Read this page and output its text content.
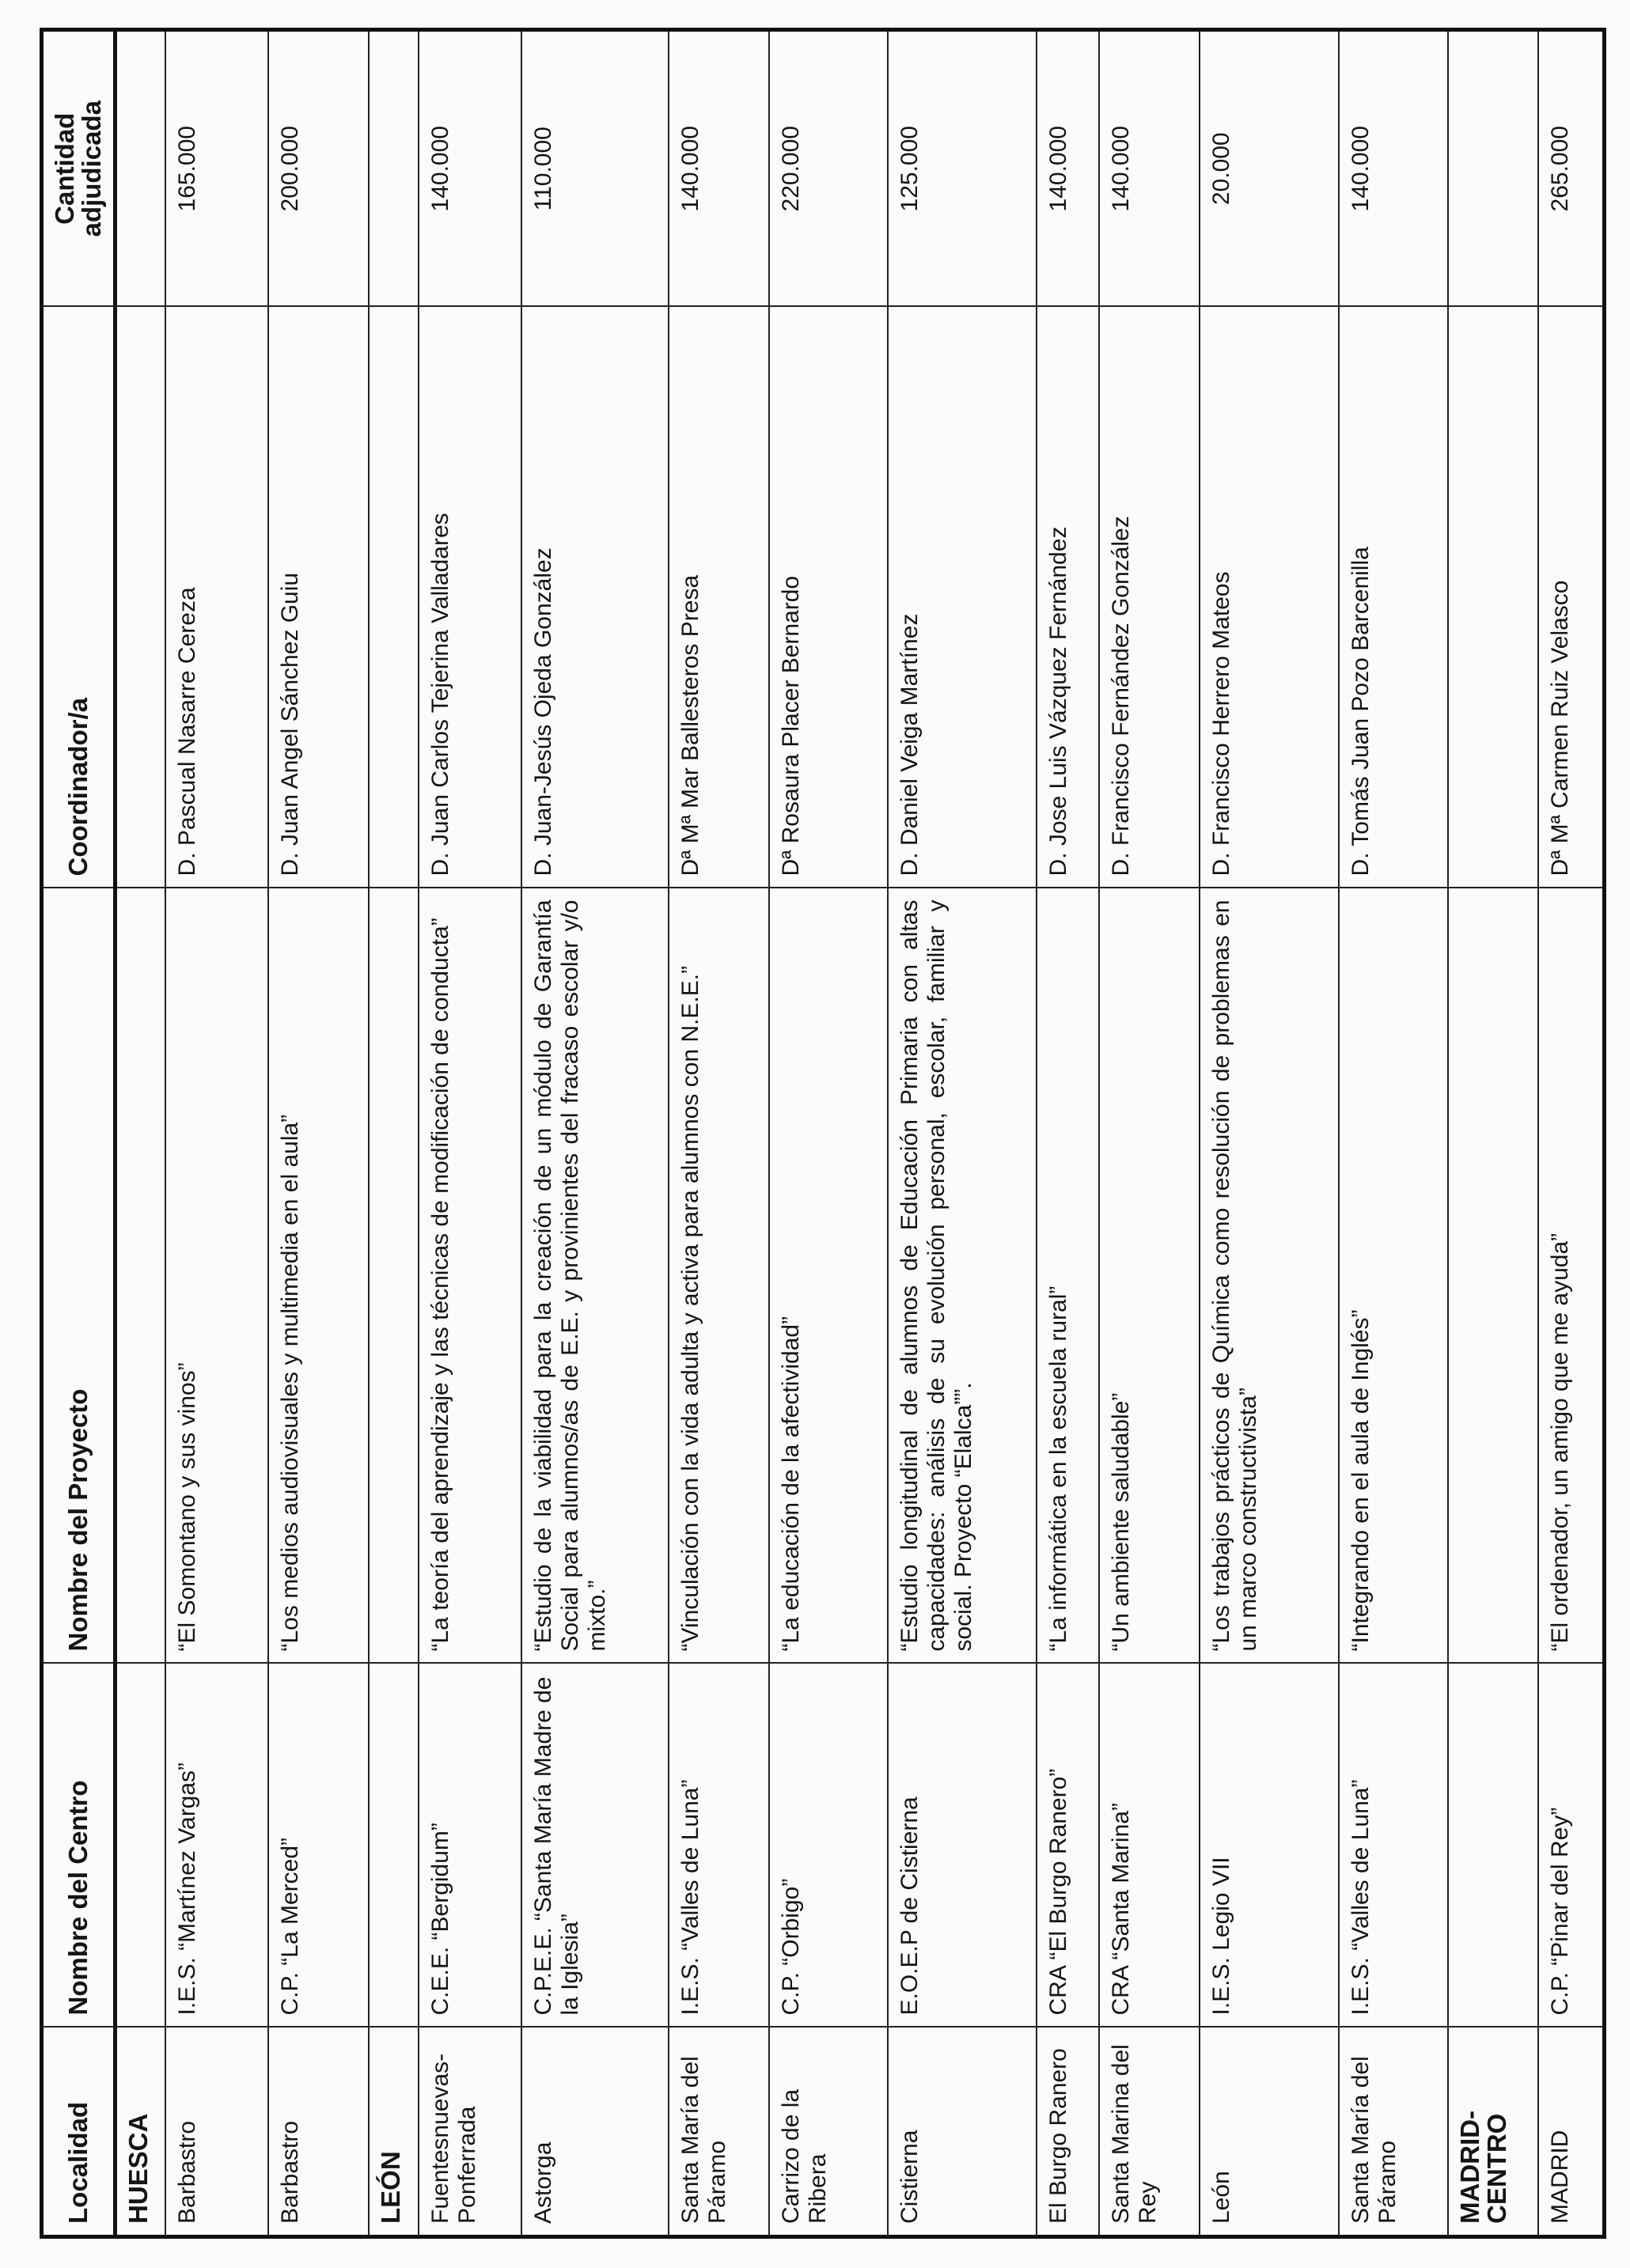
Localidad	Nombre del Centro	Nombre del Proyecto	Coordinador/a	Cantidad adjudicada
HUESCA				
Barbastro	I.E.S. “Martínez Vargas”	“El Somontano y sus vinos”	D. Pascual Nasarre Cereza	165.000
Barbastro	C.P. “La Merced”	“Los medios audiovisuales y multimedia en el aula”	D. Juan Angel Sánchez Guiu	200.000
LEÓN				
Fuentesnuevas-Ponferrada	C.E.E. “Bergidum”	“La teoría del aprendizaje y las técnicas de modificación de conducta”	D. Juan Carlos Tejerina Valladares	140.000
Astorga	C.P.E.E. “Santa María Madre de la Iglesia”	“Estudio de la viabilidad para la creación de un módulo de Garantía Social para alumnos/as de E.E. y provinientes del fracaso escolar y/o mixto.”	D. Juan-Jesús Ojeda González	110.000
Santa María del Páramo	I.E.S. “Valles de Luna”	“Vinculación con la vida adulta y activa para alumnos con N.E.E.”	Dª Mª Mar Ballesteros Presa	140.000
Carrizo de la Ribera	C.P. “Orbigo”	“La educación de la afectividad”	Dª Rosaura Placer Bernardo	220.000
Cistierna	E.O.E.P de Cistierna	“Estudio longitudinal de alumnos de Educación Primaria con altas capacidades: análisis de su evolución personal, escolar, familiar y social. Proyecto “Elalca””.	D. Daniel Veiga Martínez	125.000
El Burgo Ranero	CRA “El Burgo Ranero”	“La informática en la escuela rural”	D. Jose Luis Vázquez Fernández	140.000
Santa Marina del Rey	CRA “Santa Marina”	“Un ambiente saludable”	D. Francisco Fernández González	140.000
León	I.E.S. Legio VII	“Los trabajos prácticos de Química como resolución de problemas en un marco constructivista”	D. Francisco Herrero Mateos	20.000
Santa María del Páramo	I.E.S. “Valles de Luna”	“Integrando en el aula de Inglés”	D. Tomás Juan Pozo Barcenilla	140.000
MADRID-CENTRO				
MADRID	C.P. “Pinar del Rey”	“El ordenador, un amigo que me ayuda”	Dª Mª Carmen Ruiz Velasco	265.000
